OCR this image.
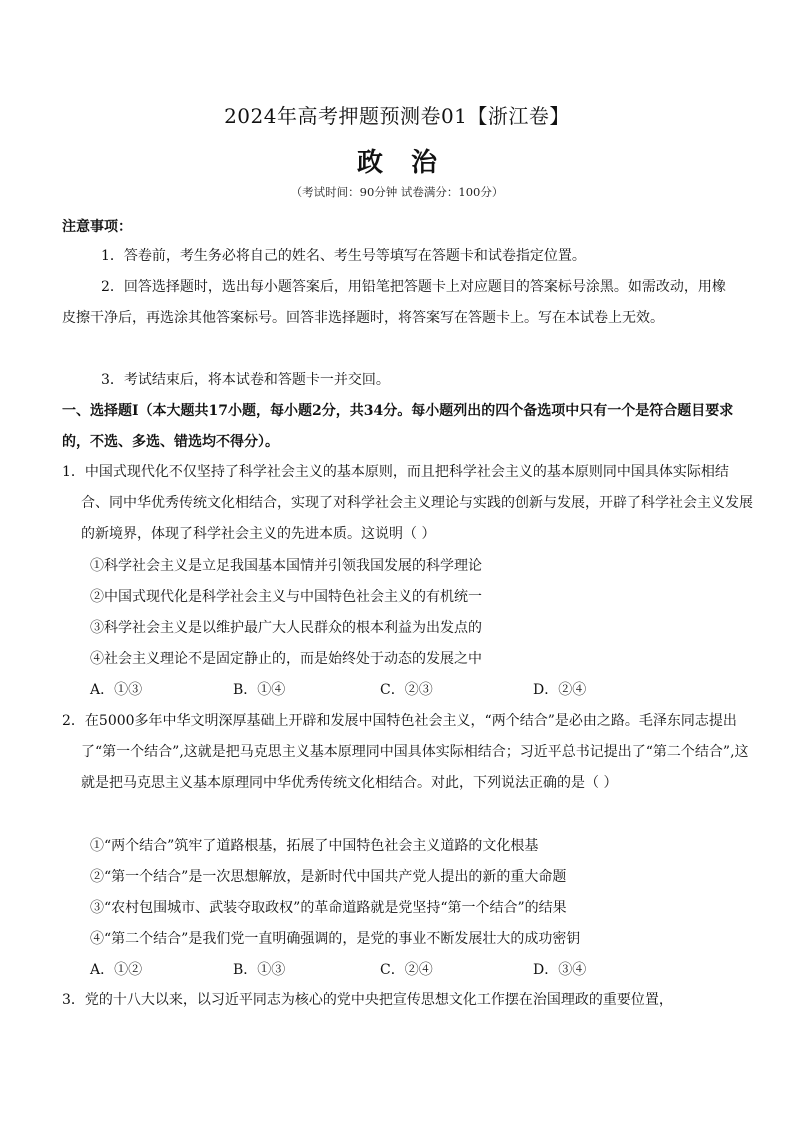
2024年高考押题预测卷01【浙江卷】
政治
（考试时间：90分钟 试卷满分：100分）
注意事项：
1．答卷前，考生务必将自己的姓名、考生号等填写在答题卡和试卷指定位置。
2．回答选择题时，选出每小题答案后，用铅笔把答题卡上对应题目的答案标号涂黑。如需改动，用橡皮擦干净后，再选涂其他答案标号。回答非选择题时，将答案写在答题卡上。写在本试卷上无效。
3．考试结束后，将本试卷和答题卡一并交回。
一、选择题Ⅰ（本大题共17小题，每小题2分，共34分。每小题列出的四个备选项中只有一个是符合题目要求的，不选、多选、错选均不得分）。
1．中国式现代化不仅坚持了科学社会主义的基本原则，而且把科学社会主义的基本原则同中国具体实际相结合、同中华优秀传统文化相结合，实现了对科学社会主义理论与实践的创新与发展，开辟了科学社会主义发展的新境界，体现了科学社会主义的先进本质。这说明（ ）
①科学社会主义是立足我国基本国情并引领我国发展的科学理论
②中国式现代化是科学社会主义与中国特色社会主义的有机统一
③科学社会主义是以维护最广大人民群众的根本利益为出发点的
④社会主义理论不是固定静止的，而是始终处于动态的发展之中
A．①③	B．①④	C．②③	D．②④
2．在5000多年中华文明深厚基础上开辟和发展中国特色社会主义，“两个结合”是必由之路。毛泽东同志提出了“第一个结合”,这就是把马克思主义基本原理同中国具体实际相结合；习近平总书记提出了“第二个结合”,这就是把马克思主义基本原理同中华优秀传统文化相结合。对此，下列说法正确的是（ ）
①“两个结合”筑牢了道路根基，拓展了中国特色社会主义道路的文化根基
②“第一个结合”是一次思想解放，是新时代中国共产党人提出的新的重大命题
③“农村包围城市、武装夺取政权”的革命道路就是党坚持“第一个结合”的结果
④“第二个结合”是我们党一直明确强调的，是党的事业不断发展壮大的成功密钥
A．①②	B．①③	C．②④	D．③④
3．党的十八大以来，以习近平同志为核心的党中央把宣传思想文化工作摆在治国理政的重要位置，
